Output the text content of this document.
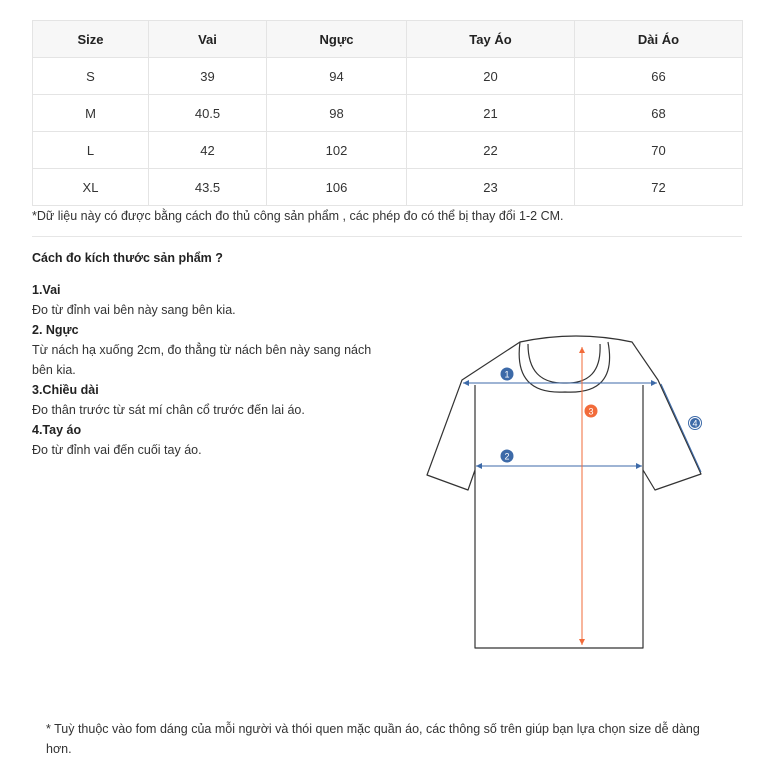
Size	Vai	Ngực	Tay Áo	Dài Áo
S	39	94	20	66
M	40.5	98	21	68
L	42	102	22	70
XL	43.5	106	23	72
*Dữ liệu này có được bằng cách đo thủ công sản phẩm , các phép đo có thể bị thay đổi 1-2 CM.
Cách đo kích thước sản phẩm ?

1.Vai

Đo từ đỉnh vai bên này sang bên kia.

2. Ngực

Từ nách hạ xuống 2cm, đo thẳng từ nách bên này sang nách bên kia.

3.Chiều dài

Đo thân trước từ sát mí chân cổ trước đến lai áo.

4.Tay áo

Đo từ đỉnh vai đến cuối tay áo.

1
2
3
4
* Tuỳ thuộc vào fom dáng của mỗi người và thói quen mặc quần áo, các thông số trên giúp bạn lựa chọn size dễ dàng hơn.
